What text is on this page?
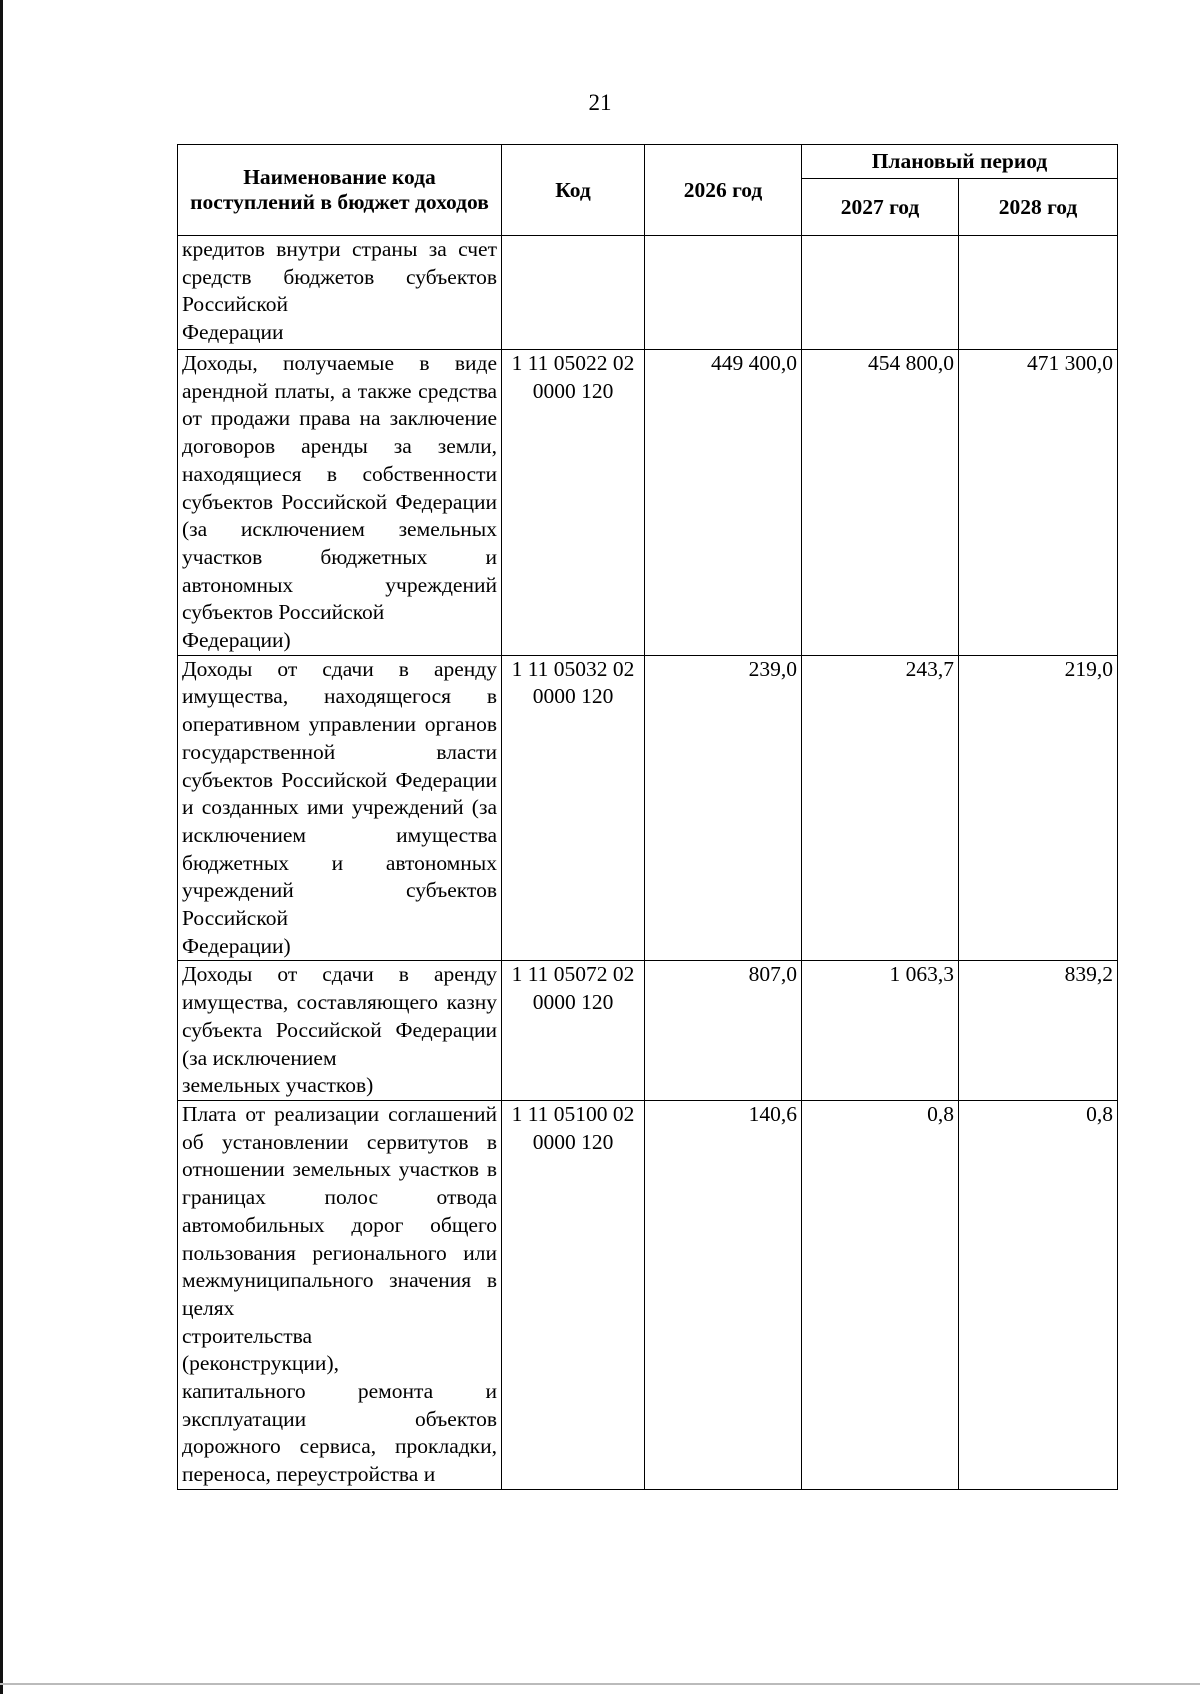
21
Наименование кода поступлений в бюджет доходов	Код	2026 год	Плановый период	
			2027 год	2028 год

кредитов внутри страны за счет средств бюджетов субъектов Российской
Федерации				

Доходы, получаемые в виде арендной платы, а также средства от продажи права на заключение договоров аренды за земли, находящиеся в собственности субъектов Российской Федерации (за исключением земельных участков бюджетных и автономных учреждений субъектов Российской
Федерации)	1 11 05022 02 0000 120	449 400,0	454 800,0	471 300,0

Доходы от сдачи в аренду имущества, находящегося в оперативном управлении органов государственной власти субъектов Российской Федерации и созданных ими учреждений (за исключением имущества бюджетных и автономных учреждений субъектов Российской
Федерации)	1 11 05032 02 0000 120	239,0	243,7	219,0

Доходы от сдачи в аренду имущества, составляющего казну субъекта Российской Федерации (за исключением
земельных участков)	1 11 05072 02 0000 120	807,0	1 063,3	839,2

Плата от реализации соглашений об установлении сервитутов в отношении земельных участков в границах полос отвода автомобильных дорог общего пользования регионального или межмуниципального значения в целях
строительства
(реконструкции),
капитального ремонта и эксплуатации объектов дорожного сервиса, прокладки, переноса, переустройства и	1 11 05100 02 0000 120	140,6	0,8	0,8
